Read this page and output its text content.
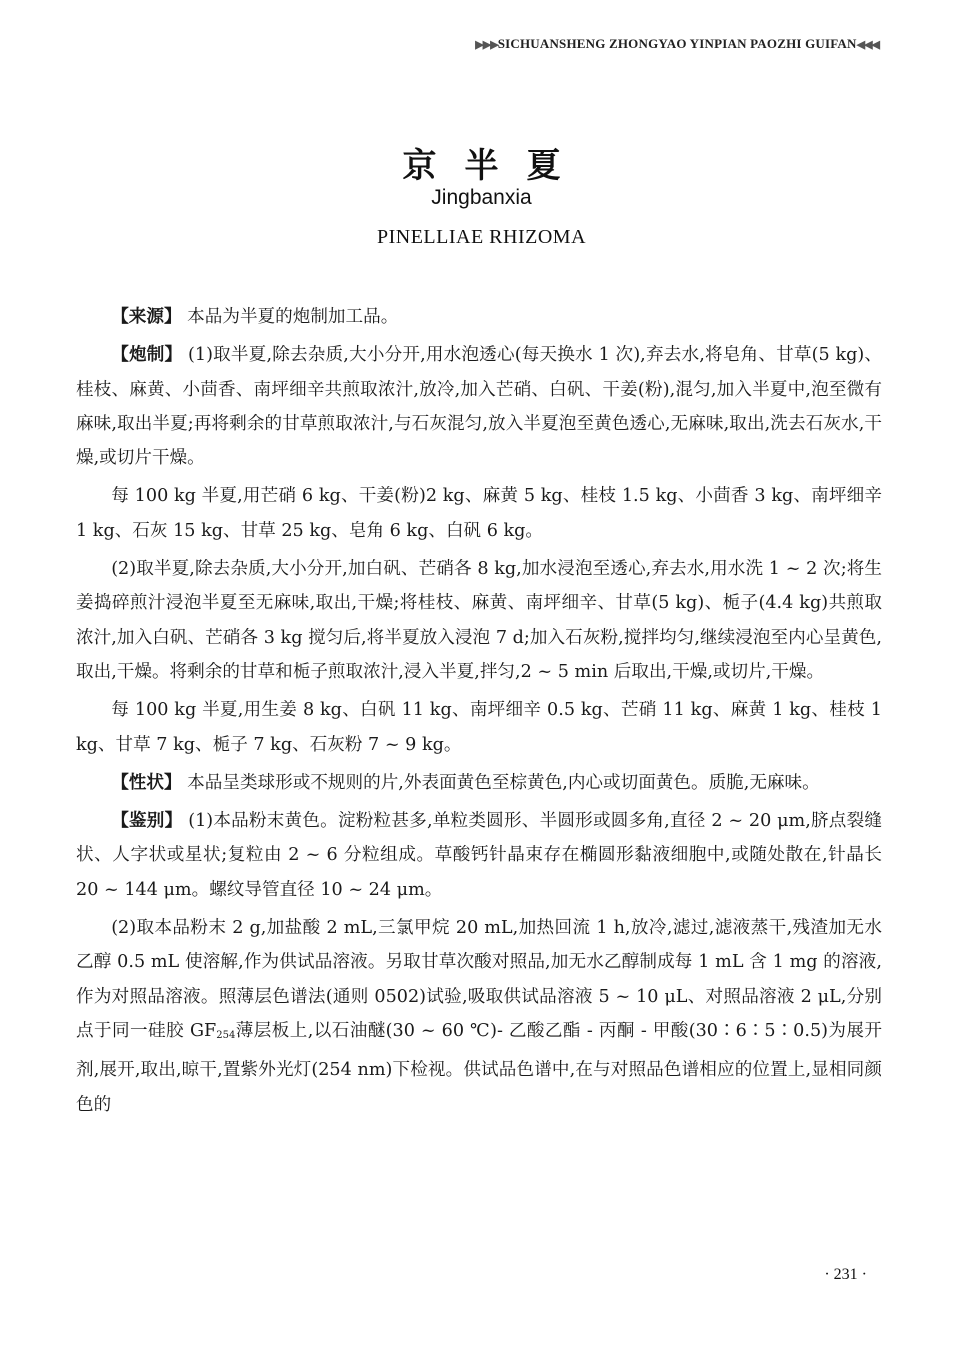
▶▶▶SICHUANSHENG ZHONGYAO YINPIAN PAOZHI GUIFAN◀◀◀
京半夏
Jingbanxia
PINELLIAE RHIZOMA

【来源】 本品为半夏的炮制加工品。

【炮制】 (1)取半夏,除去杂质,大小分开,用水泡透心(每天换水 1 次),弃去水,将皂角、甘草(5 kg)、桂枝、麻黄、小茴香、南坪细辛共煎取浓汁,放冷,加入芒硝、白矾、干姜(粉),混匀,加入半夏中,泡至微有麻味,取出半夏;再将剩余的甘草煎取浓汁,与石灰混匀,放入半夏泡至黄色透心,无麻味,取出,洗去石灰水,干燥,或切片干燥。

每 100 kg 半夏,用芒硝 6 kg、干姜(粉)2 kg、麻黄 5 kg、桂枝 1.5 kg、小茴香 3 kg、南坪细辛 1 kg、石灰 15 kg、甘草 25 kg、皂角 6 kg、白矾 6 kg。

(2)取半夏,除去杂质,大小分开,加白矾、芒硝各 8 kg,加水浸泡至透心,弃去水,用水洗 1 ~ 2 次;将生姜捣碎煎汁浸泡半夏至无麻味,取出,干燥;将桂枝、麻黄、南坪细辛、甘草(5 kg)、栀子(4.4 kg)共煎取浓汁,加入白矾、芒硝各 3 kg 搅匀后,将半夏放入浸泡 7 d;加入石灰粉,搅拌均匀,继续浸泡至内心呈黄色,取出,干燥。将剩余的甘草和栀子煎取浓汁,浸入半夏,拌匀,2 ~ 5 min 后取出,干燥,或切片,干燥。

每 100 kg 半夏,用生姜 8 kg、白矾 11 kg、南坪细辛 0.5 kg、芒硝 11 kg、麻黄 1 kg、桂枝 1 kg、甘草 7 kg、栀子 7 kg、石灰粉 7 ~ 9 kg。

【性状】 本品呈类球形或不规则的片,外表面黄色至棕黄色,内心或切面黄色。质脆,无麻味。

【鉴别】 (1)本品粉末黄色。淀粉粒甚多,单粒类圆形、半圆形或圆多角,直径 2 ~ 20 μm,脐点裂缝状、人字状或星状;复粒由 2 ~ 6 分粒组成。草酸钙针晶束存在椭圆形黏液细胞中,或随处散在,针晶长 20 ~ 144 μm。螺纹导管直径 10 ~ 24 μm。

(2)取本品粉末 2 g,加盐酸 2 mL,三氯甲烷 20 mL,加热回流 1 h,放冷,滤过,滤液蒸干,残渣加无水乙醇 0.5 mL 使溶解,作为供试品溶液。另取甘草次酸对照品,加无水乙醇制成每 1 mL 含 1 mg 的溶液,作为对照品溶液。照薄层色谱法(通则 0502)试验,吸取供试品溶液 5 ~ 10 μL、对照品溶液 2 μL,分别点于同一硅胶 $GF_{254}$薄层板上,以石油醚(30 ~ 60 ℃)- 乙酸乙酯 - 丙酮 - 甲酸(30∶6∶5∶0.5)为展开剂,展开,取出,晾干,置紫外光灯(254 nm)下检视。供试品色谱中,在与对照品色谱相应的位置上,显相同颜色的

· 231 ·
